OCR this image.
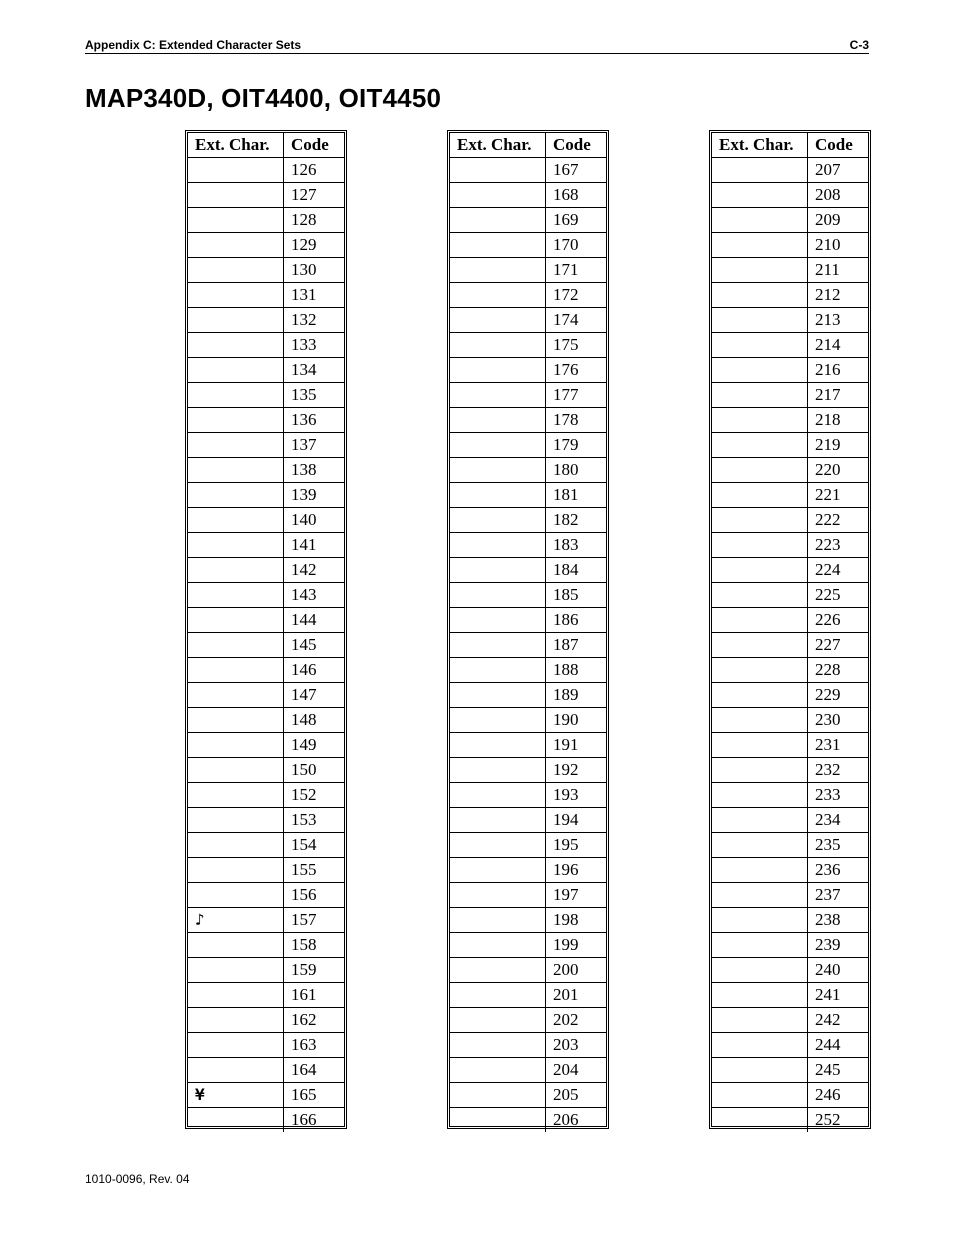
Appendix C: Extended Character Sets	C-3
MAP340D, OIT4400, OIT4450
Ext. Char.	Code
	126
	127
	128
	129
	130
	131
	132
	133
	134
	135
	136
	137
	138
	139
	140
	141
	142
	143
	144
	145
	146
	147
	148
	149
	150
	152
	153
	154
	155
	156
♪	157
	158
	159
	161
	162
	163
	164
¥	165
	166
Ext. Char.	Code
	167
	168
	169
	170
	171
	172
	174
	175
	176
	177
	178
	179
	180
	181
	182
	183
	184
	185
	186
	187
	188
	189
	190
	191
	192
	193
	194
	195
	196
	197
	198
	199
	200
	201
	202
	203
	204
	205
	206
Ext. Char.	Code
	207
	208
	209
	210
	211
	212
	213
	214
	216
	217
	218
	219
	220
	221
	222
	223
	224
	225
	226
	227
	228
	229
	230
	231
	232
	233
	234
	235
	236
	237
	238
	239
	240
	241
	242
	244
	245
	246
	252
1010-0096, Rev. 04
